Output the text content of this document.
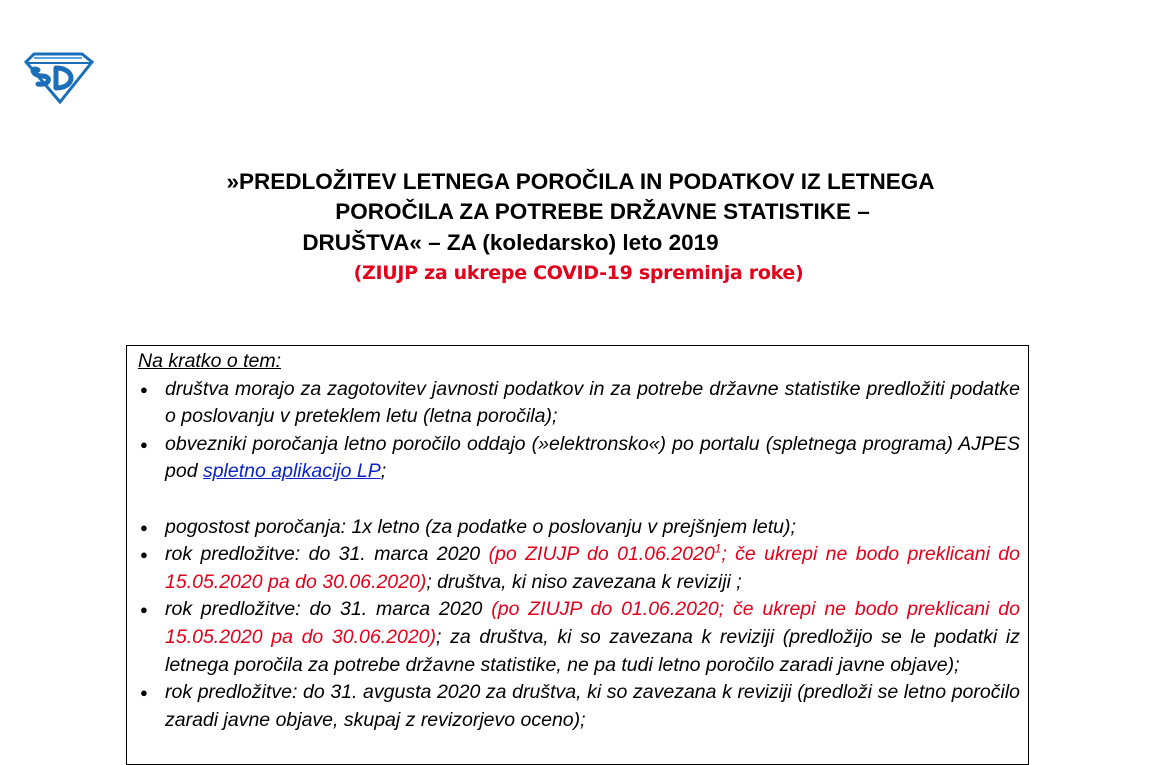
»PREDLOŽITEV LETNEGA POROČILA IN PODATKOV IZ LETNEGA
POROČILA ZA POTREBE DRŽAVNE STATISTIKE –
DRUŠTVA« – ZA (koledarsko) leto 2019
(ZIUJP za ukrepe COVID-19 spreminja roke)

Na kratko o tem:

● društva morajo za zagotovitev javnosti podatkov in za potrebe državne statistike predložiti podatke o poslovanju v preteklem letu (letna poročila);
● obvezniki poročanja letno poročilo oddajo (»elektronsko«) po portalu (spletnega programa) AJPES pod spletno aplikacijo LP;
● pogostost poročanja: 1x letno (za podatke o poslovanju v prejšnjem letu);
● rok predložitve: do 31. marca 2020 (po ZIUJP do 01.06.2020$^1$; če ukrepi ne bodo preklicani do 15.05.2020 pa do 30.06.2020); društva, ki niso zavezana k reviziji ;
● rok predložitve: do 31. marca 2020 (po ZIUJP do 01.06.2020; če ukrepi ne bodo preklicani do 15.05.2020 pa do 30.06.2020); za društva, ki so zavezana k reviziji (predložijo se le podatki iz letnega poročila za potrebe državne statistike, ne pa tudi letno poročilo zaradi javne objave);
● rok predložitve: do 31. avgusta 2020 za društva, ki so zavezana k reviziji (predloži se letno poročilo zaradi javne objave, skupaj z revizorjevo oceno);
